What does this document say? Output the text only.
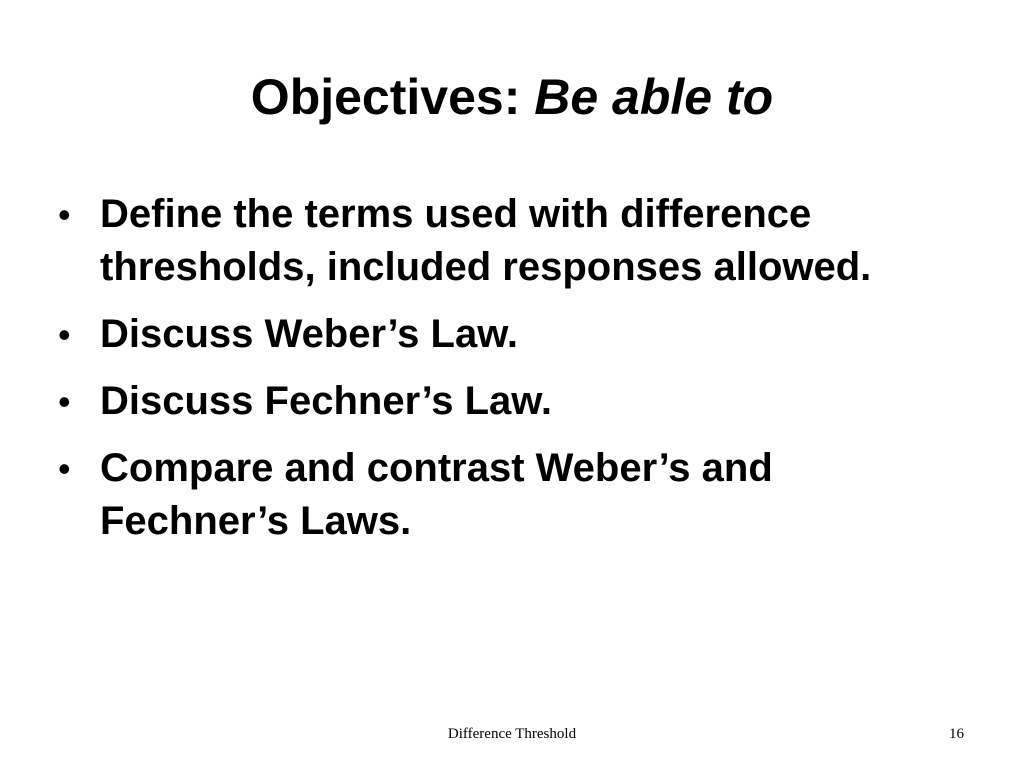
Objectives: Be able to
• Define the terms used with difference thresholds, included responses allowed.
• Discuss Weber’s Law.
• Discuss Fechner’s Law.
• Compare and contrast Weber’s and Fechner’s Laws.
Difference Threshold	16
